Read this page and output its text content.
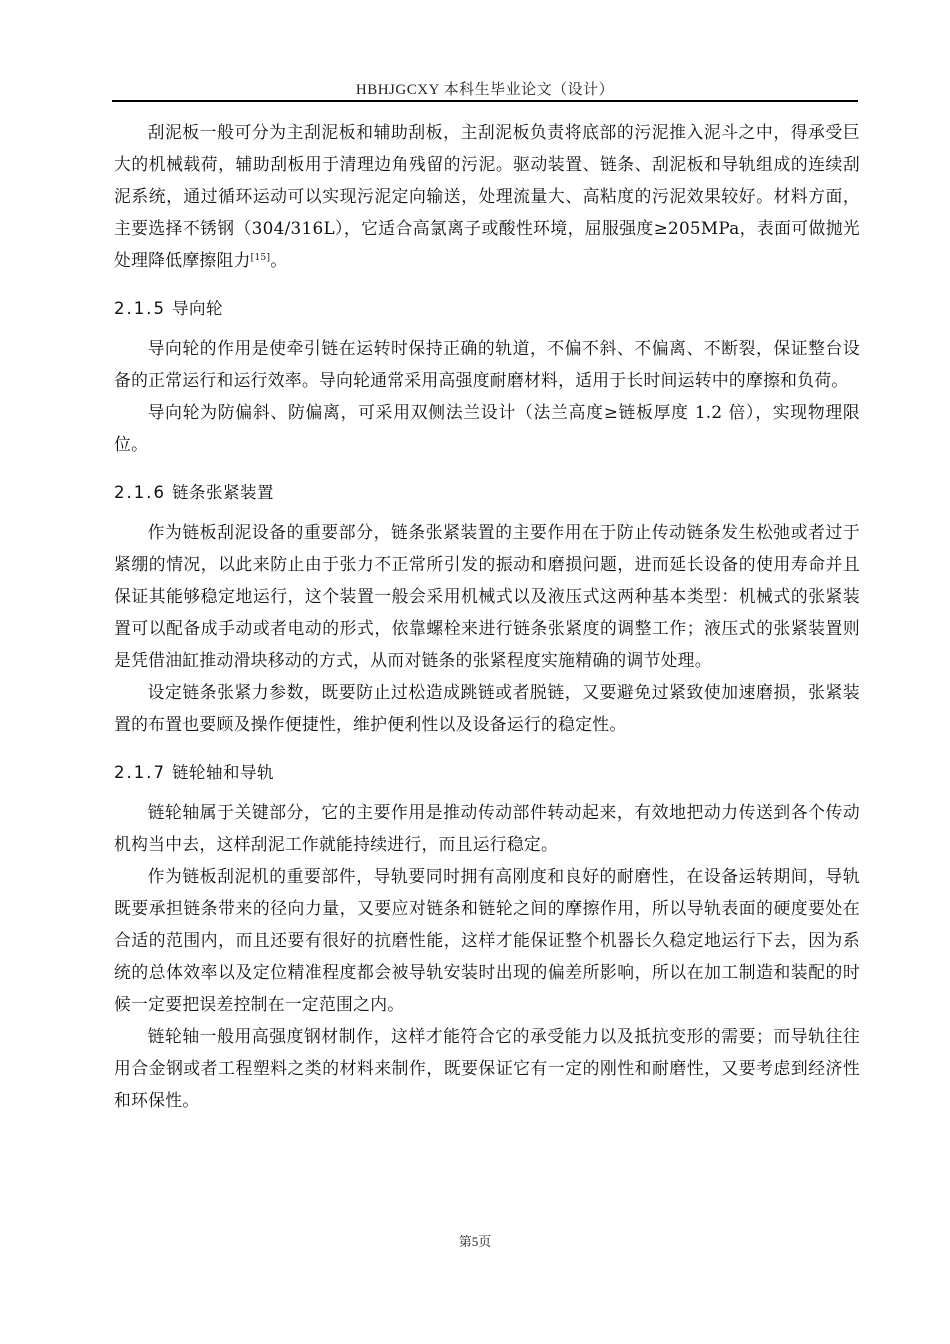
HBHJGCXY 本科生毕业论文（设计）

刮泥板一般可分为主刮泥板和辅助刮板，主刮泥板负责将底部的污泥推入泥斗之中，得承受巨大的机械载荷，辅助刮板用于清理边角残留的污泥。驱动装置、链条、刮泥板和导轨组成的连续刮泥系统，通过循环运动可以实现污泥定向输送，处理流量大、高粘度的污泥效果较好。材料方面，主要选择不锈钢（304/316L），它适合高氯离子或酸性环境，屈服强度≥205MPa，表面可做抛光处理降低摩擦阻力[15]。

2.1.5 导向轮

导向轮的作用是使牵引链在运转时保持正确的轨道，不偏不斜、不偏离、不断裂，保证整台设备的正常运行和运行效率。导向轮通常采用高强度耐磨材料，适用于长时间运转中的摩擦和负荷。

导向轮为防偏斜、防偏离，可采用双侧法兰设计（法兰高度≥链板厚度 1.2 倍），实现物理限位。

2.1.6 链条张紧装置

作为链板刮泥设备的重要部分，链条张紧装置的主要作用在于防止传动链条发生松弛或者过于紧绷的情况，以此来防止由于张力不正常所引发的振动和磨损问题，进而延长设备的使用寿命并且保证其能够稳定地运行，这个装置一般会采用机械式以及液压式这两种基本类型：机械式的张紧装置可以配备成手动或者电动的形式，依靠螺栓来进行链条张紧度的调整工作；液压式的张紧装置则是凭借油缸推动滑块移动的方式，从而对链条的张紧程度实施精确的调节处理。

设定链条张紧力参数，既要防止过松造成跳链或者脱链，又要避免过紧致使加速磨损，张紧装置的布置也要顾及操作便捷性，维护便利性以及设备运行的稳定性。

2.1.7 链轮轴和导轨

链轮轴属于关键部分，它的主要作用是推动传动部件转动起来，有效地把动力传送到各个传动机构当中去，这样刮泥工作就能持续进行，而且运行稳定。

作为链板刮泥机的重要部件，导轨要同时拥有高刚度和良好的耐磨性，在设备运转期间，导轨既要承担链条带来的径向力量，又要应对链条和链轮之间的摩擦作用，所以导轨表面的硬度要处在合适的范围内，而且还要有很好的抗磨性能，这样才能保证整个机器长久稳定地运行下去，因为系统的总体效率以及定位精准程度都会被导轨安装时出现的偏差所影响，所以在加工制造和装配的时候一定要把误差控制在一定范围之内。

链轮轴一般用高强度钢材制作，这样才能符合它的承受能力以及抵抗变形的需要；而导轨往往用合金钢或者工程塑料之类的材料来制作，既要保证它有一定的刚性和耐磨性，又要考虑到经济性和环保性。

第5页
